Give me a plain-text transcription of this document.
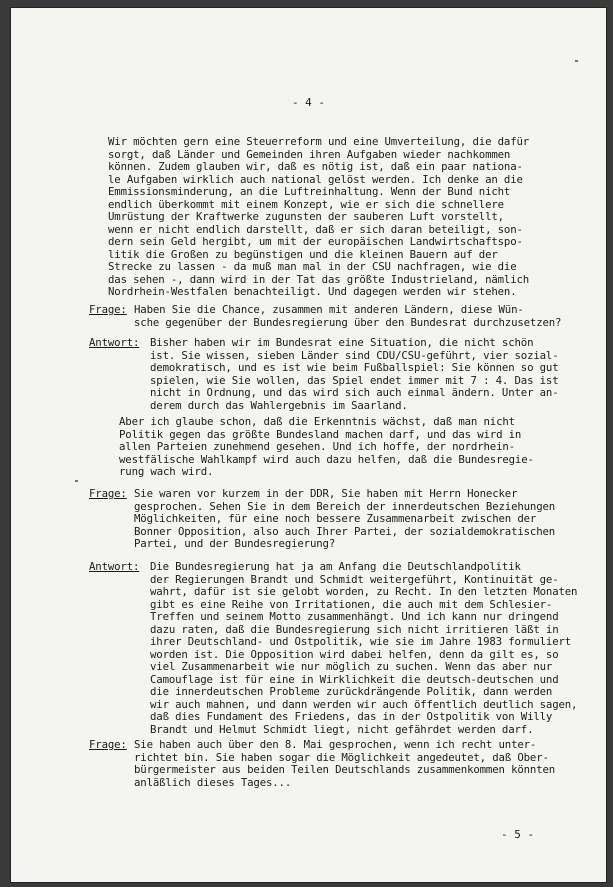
- 4 -
Wir möchten gern eine Steuerreform und eine Umverteilung, die dafür
sorgt, daß Länder und Gemeinden ihren Aufgaben wieder nachkommen
können. Zudem glauben wir, daß es nötig ist, daß ein paar nationa-
le Aufgaben wirklich auch national gelöst werden. Ich denke an die
Emmissionsminderung, an die Luftreinhaltung. Wenn der Bund nicht
endlich überkommt mit einem Konzept, wie er sich die schnellere
Umrüstung der Kraftwerke zugunsten der sauberen Luft vorstellt,
wenn er nicht endlich darstellt, daß er sich daran beteiligt, son-
dern sein Geld hergibt, um mit der europäischen Landwirtschaftspo-
litik die Großen zu begünstigen und die kleinen Bauern auf der
Strecke zu lassen - da muß man mal in der CSU nachfragen, wie die
das sehen -, dann wird in der Tat das größte Industrieland, nämlich
Nordrhein-Westfalen benachteiligt. Und dagegen werden wir stehen.
Frage: Haben Sie die Chance, zusammen mit anderen Ländern, diese Wün-
sche gegenüber der Bundesregierung über den Bundesrat durchzusetzen?
Antwort: Bisher haben wir im Bundesrat eine Situation, die nicht schön
ist. Sie wissen, sieben Länder sind CDU/CSU-geführt, vier sozial-
demokratisch, und es ist wie beim Fußballspiel: Sie können so gut
spielen, wie Sie wollen, das Spiel endet immer mit 7 : 4. Das ist
nicht in Ordnung, und das wird sich auch einmal ändern. Unter an-
derem durch das Wahlergebnis im Saarland.
Aber ich glaube schon, daß die Erkenntnis wächst, daß man nicht
Politik gegen das größte Bundesland machen darf, und das wird in
allen Parteien zunehmend gesehen. Und ich hoffe, der nordrhein-
westfälische Wahlkampf wird auch dazu helfen, daß die Bundesregie-
rung wach wird.
Frage: Sie waren vor kurzem in der DDR, Sie haben mit Herrn Honecker
gesprochen. Sehen Sie in dem Bereich der innerdeutschen Beziehungen
Möglichkeiten, für eine noch bessere Zusammenarbeit zwischen der
Bonner Opposition, also auch Ihrer Partei, der sozialdemokratischen
Partei, und der Bundesregierung?
Antwort: Die Bundesregierung hat ja am Anfang die Deutschlandpolitik
der Regierungen Brandt und Schmidt weitergeführt, Kontinuität ge-
wahrt, dafür ist sie gelobt worden, zu Recht. In den letzten Monaten
gibt es eine Reihe von Irritationen, die auch mit dem Schlesier-
Treffen und seinem Motto zusammenhängt. Und ich kann nur dringend
dazu raten, daß die Bundesregierung sich nicht irritieren läßt in
ihrer Deutschland- und Ostpolitik, wie sie im Jahre 1983 formuliert
worden ist. Die Opposition wird dabei helfen, denn da gilt es, so
viel Zusammenarbeit wie nur möglich zu suchen. Wenn das aber nur
Camouflage ist für eine in Wirklichkeit die deutsch-deutschen und
die innerdeutschen Probleme zurückdrängende Politik, dann werden
wir auch mahnen, und dann werden wir auch öffentlich deutlich sagen,
daß dies Fundament des Friedens, das in der Ostpolitik von Willy
Brandt und Helmut Schmidt liegt, nicht gefährdet werden darf.
Frage: Sie haben auch über den 8. Mai gesprochen, wenn ich recht unter-
richtet bin. Sie haben sogar die Möglichkeit angedeutet, daß Ober-
bürgermeister aus beiden Teilen Deutschlands zusammenkommen könnten
anläßlich dieses Tages...
- 5 -
